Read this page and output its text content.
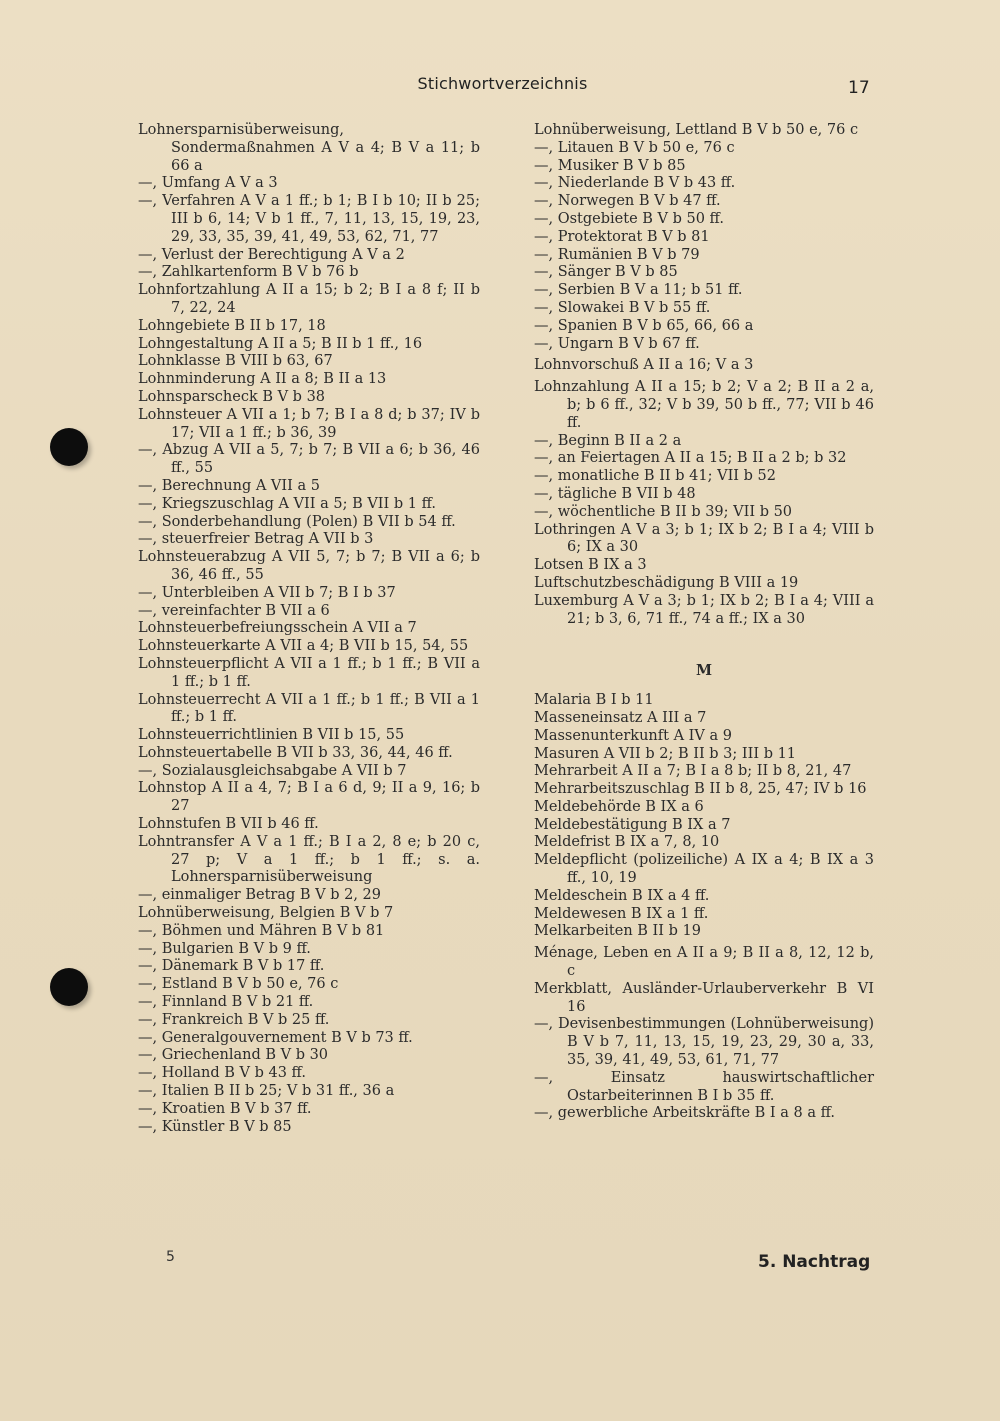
Stichwortverzeichnis	17
Lohnersparnisüberweisung, Sondermaßnahmen A V a 4; B V a 11; b 66 a
—, Umfang A V a 3
—, Verfahren A V a 1 ff.; b 1; B I b 10; II b 25; III b 6, 14; V b 1 ff., 7, 11, 13, 15, 19, 23, 29, 33, 35, 39, 41, 49, 53, 62, 71, 77
—, Verlust der Berechtigung A V a 2
—, Zahlkartenform B V b 76 b
Lohnfortzahlung A II a 15; b 2; B I a 8 f; II b 7, 22, 24
Lohngebiete B II b 17, 18
Lohngestaltung A II a 5; B II b 1 ff., 16
Lohnklasse B VIII b 63, 67
Lohnminderung A II a 8; B II a 13
Lohnsparscheck B V b 38
Lohnsteuer A VII a 1; b 7; B I a 8 d; b 37; IV b 17; VII a 1 ff.; b 36, 39
—, Abzug A VII a 5, 7; b 7; B VII a 6; b 36, 46 ff., 55
—, Berechnung A VII a 5
—, Kriegszuschlag A VII a 5; B VII b 1 ff.
—, Sonderbehandlung (Polen) B VII b 54 ff.
—, steuerfreier Betrag A VII b 3
Lohnsteuerabzug A VII 5, 7; b 7; B VII a 6; b 36, 46 ff., 55
—, Unterbleiben A VII b 7; B I b 37
—, vereinfachter B VII a 6
Lohnsteuerbefreiungsschein A VII a 7
Lohnsteuerkarte A VII a 4; B VII b 15, 54, 55
Lohnsteuerpflicht A VII a 1 ff.; b 1 ff.; B VII a 1 ff.; b 1 ff.
Lohnsteuerrecht A VII a 1 ff.; b 1 ff.; B VII a 1 ff.; b 1 ff.
Lohnsteuerrichtlinien B VII b 15, 55
Lohnsteuertabelle B VII b 33, 36, 44, 46 ff.
—, Sozialausgleichsabgabe A VII b 7
Lohnstop A II a 4, 7; B I a 6 d, 9; II a 9, 16; b 27
Lohnstufen B VII b 46 ff.
Lohntransfer A V a 1 ff.; B I a 2, 8 e; b 20 c, 27 p; V a 1 ff.; b 1 ff.; s. a. Lohnersparnisüberweisung
—, einmaliger Betrag B V b 2, 29
Lohnüberweisung, Belgien B V b 7
—, Böhmen und Mähren B V b 81
—, Bulgarien B V b 9 ff.
—, Dänemark B V b 17 ff.
—, Estland B V b 50 e, 76 c
—, Finnland B V b 21 ff.
—, Frankreich B V b 25 ff.
—, Generalgouvernement B V b 73 ff.
—, Griechenland B V b 30
—, Holland B V b 43 ff.
—, Italien B II b 25; V b 31 ff., 36 a
—, Kroatien B V b 37 ff.
—, Künstler B V b 85
Lohnüberweisung, Lettland B V b 50 e, 76 c
—, Litauen B V b 50 e, 76 c
—, Musiker B V b 85
—, Niederlande B V b 43 ff.
—, Norwegen B V b 47 ff.
—, Ostgebiete B V b 50 ff.
—, Protektorat B V b 81
—, Rumänien B V b 79
—, Sänger B V b 85
—, Serbien B V a 11; b 51 ff.
—, Slowakei B V b 55 ff.
—, Spanien B V b 65, 66, 66 a
—, Ungarn B V b 67 ff.
Lohnvorschuß A II a 16; V a 3
Lohnzahlung A II a 15; b 2; V a 2; B II a 2 a, b; b 6 ff., 32; V b 39, 50 b ff., 77; VII b 46 ff.
—, Beginn B II a 2 a
—, an Feiertagen A II a 15; B II a 2 b; b 32
—, monatliche B II b 41; VII b 52
—, tägliche B VII b 48
—, wöchentliche B II b 39; VII b 50
Lothringen A V a 3; b 1; IX b 2; B I a 4; VIII b 6; IX a 30
Lotsen B IX a 3
Luftschutzbeschädigung B VIII a 19
Luxemburg A V a 3; b 1; IX b 2; B I a 4; VIII a 21; b 3, 6, 71 ff., 74 a ff.; IX a 30
M
Malaria B I b 11
Masseneinsatz A III a 7
Massenunterkunft A IV a 9
Masuren A VII b 2; B II b 3; III b 11
Mehrarbeit A II a 7; B I a 8 b; II b 8, 21, 47
Mehrarbeitszuschlag B II b 8, 25, 47; IV b 16
Meldebehörde B IX a 6
Meldebestätigung B IX a 7
Meldefrist B IX a 7, 8, 10
Meldepflicht (polizeiliche) A IX a 4; B IX a 3 ff., 10, 19
Meldeschein B IX a 4 ff.
Meldewesen B IX a 1 ff.
Melkarbeiten B II b 19
Ménage, Leben en A II a 9; B II a 8, 12, 12 b, c
Merkblatt, Ausländer-Urlauberverkehr B VI 16
—, Devisenbestimmungen (Lohnüberweisung) B V b 7, 11, 13, 15, 19, 23, 29, 30 a, 33, 35, 39, 41, 49, 53, 61, 71, 77
—, Einsatz hauswirtschaftlicher Ostarbeiterinnen B I b 35 ff.
—, gewerbliche Arbeitskräfte B I a 8 a ff.
5	5. Nachtrag
